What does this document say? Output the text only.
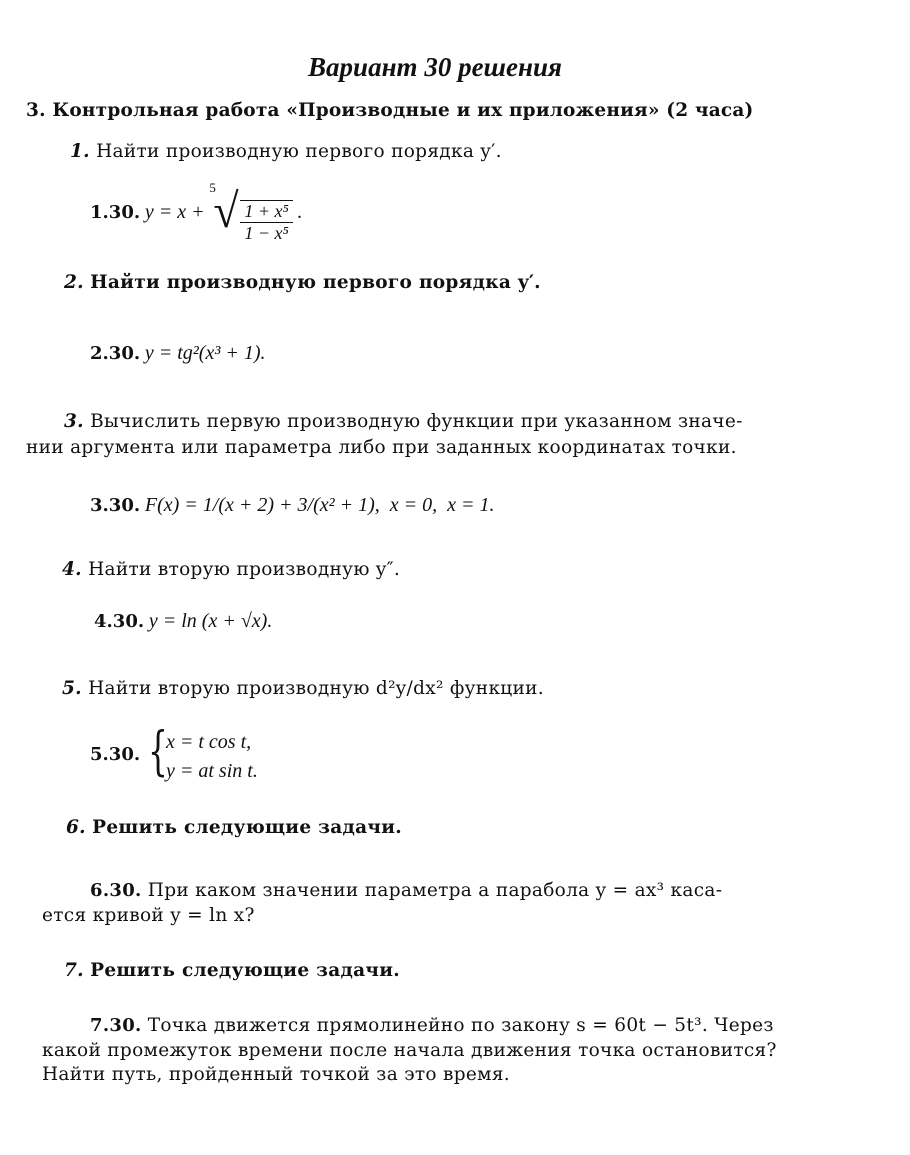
Вариант 30 решения
3. Контрольная работа «Производные и их приложения» (2 часа)
1. Найти производную первого порядка y′.
1.30. y = x +
5
√ $\frac{\text{1 + x⁵}}{\text{1 − x⁵}}$ .
2. Найти производную первого порядка y′.
2.30. y = tg²(x³ + 1).
3. Вычислить первую производную функции при указанном значе-
нии аргумента или параметра либо при заданных координатах точки.
3.30. F(x) = 1/(x + 2) + 3/(x² + 1),  x = 0,  x = 1.
4. Найти вторую производную y″.
4.30. y = ln (x + √x).
5. Найти вторую производную d²y/dx² функции.
5.30. {
x = t cos t,
y = at sin t.
6. Решить следующие задачи.
6.30. При каком значении параметра a парабола y = ax³ каса-
ется кривой y = ln x?
7. Решить следующие задачи.
7.30. Точка движется прямолинейно по закону s = 60t − 5t³. Через
какой промежуток времени после начала движения точка остановится?
Найти путь, пройденный точкой за это время.
